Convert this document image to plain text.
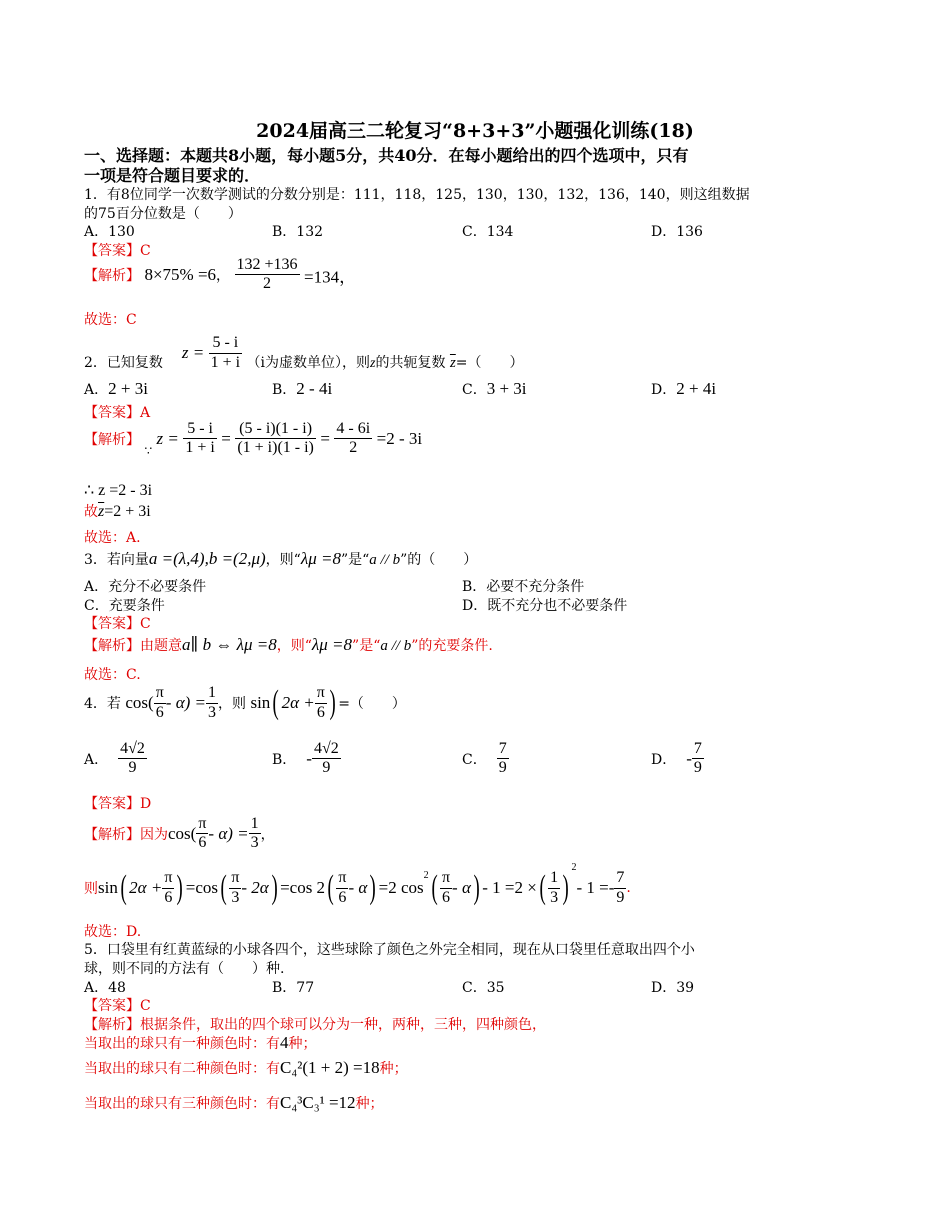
2024届高三二轮复习“8+3+3”小题强化训练(18)
一、选择题：本题共8小题，每小题5分，共40分．在每小题给出的四个选项中，只有
一项是符合题目要求的．
1．有8位同学一次数学测试的分数分别是：111，118，125，130，130，132，136，140，则这组数据
的75百分位数是（　　）
A．130	B．132	C．134	D．136
【答案】C
【解析】 8×75% =6， $\frac{132 +136}{2} =134$，
故选：C
2．已知复数  $z = \frac{5 - i}{1 + i} (i$为虚数单位），则z的共轭复数 $\overline{z}=$（　　）
A．2 + 3i	B．2 - 4i	C．3 + 3i	D．2 + 4i
【答案】A
【解析】 ∵ $z = \frac{5 - i}{1 + i} = \frac{(5 - i)(1 - i)}{(1 + i)(1 - i)} = \frac{4 - 6i}{2} =2 - 3i$
∴ z =2 - 3i
故$\overline{z}=2 + 3i$
故选：A.
3．若向量a =(λ,4),b =(2,μ)，则“λμ =8”是“a // b”的（　　）
A．充分不必要条件	B．必要不充分条件
C．充要条件	D．既不充分也不必要条件
【答案】C
【解析】由题意a∥ b ⇔ λμ =8，则“λμ =8”是“a // b”的充要条件.
故选：C.
4．若 $\cos( \frac{\pi}{6} - \alpha) = \frac{1}{3}$ ，则 sin( $2\alpha + \frac{\pi}{6}$ ) =（　　）
A． $\frac{4√2}{9}$	B． - $\frac{4√2}{9}$	C． $\frac{7}{9}$	D． - $\frac{7}{9}$
【答案】D
【解析】因为$\cos( \frac{\pi}{6} - \alpha) = \frac{1}{3}$ ，
则sin( $2\alpha + \frac{\pi}{6}$ ) $=\cos( \frac{\pi}{3} - 2\alpha) =\cos$ $2( \frac{\pi}{6} - \alpha) =2$ $\cos^2( \frac{\pi}{6} - \alpha) - 1 =2$ ×( $\frac{1}{3} )^2-$ $1 =- \frac{7}{9}$ .
故选：D.
5．口袋里有红黄蓝绿的小球各四个，这些球除了颜色之外完全相同，现在从口袋里任意取出四个小
球，则不同的方法有（　　）种.
A．48	B．77	C．35	D．39
【答案】C
【解析】根据条件，取出的四个球可以分为一种，两种，三种，四种颜色，
当取出的球只有一种颜色时：有4种；
当取出的球只有二种颜色时：有C₄²(1 + 2) =18种；
当取出的球只有三种颜色时：有C₄³C₃¹ =12种；
